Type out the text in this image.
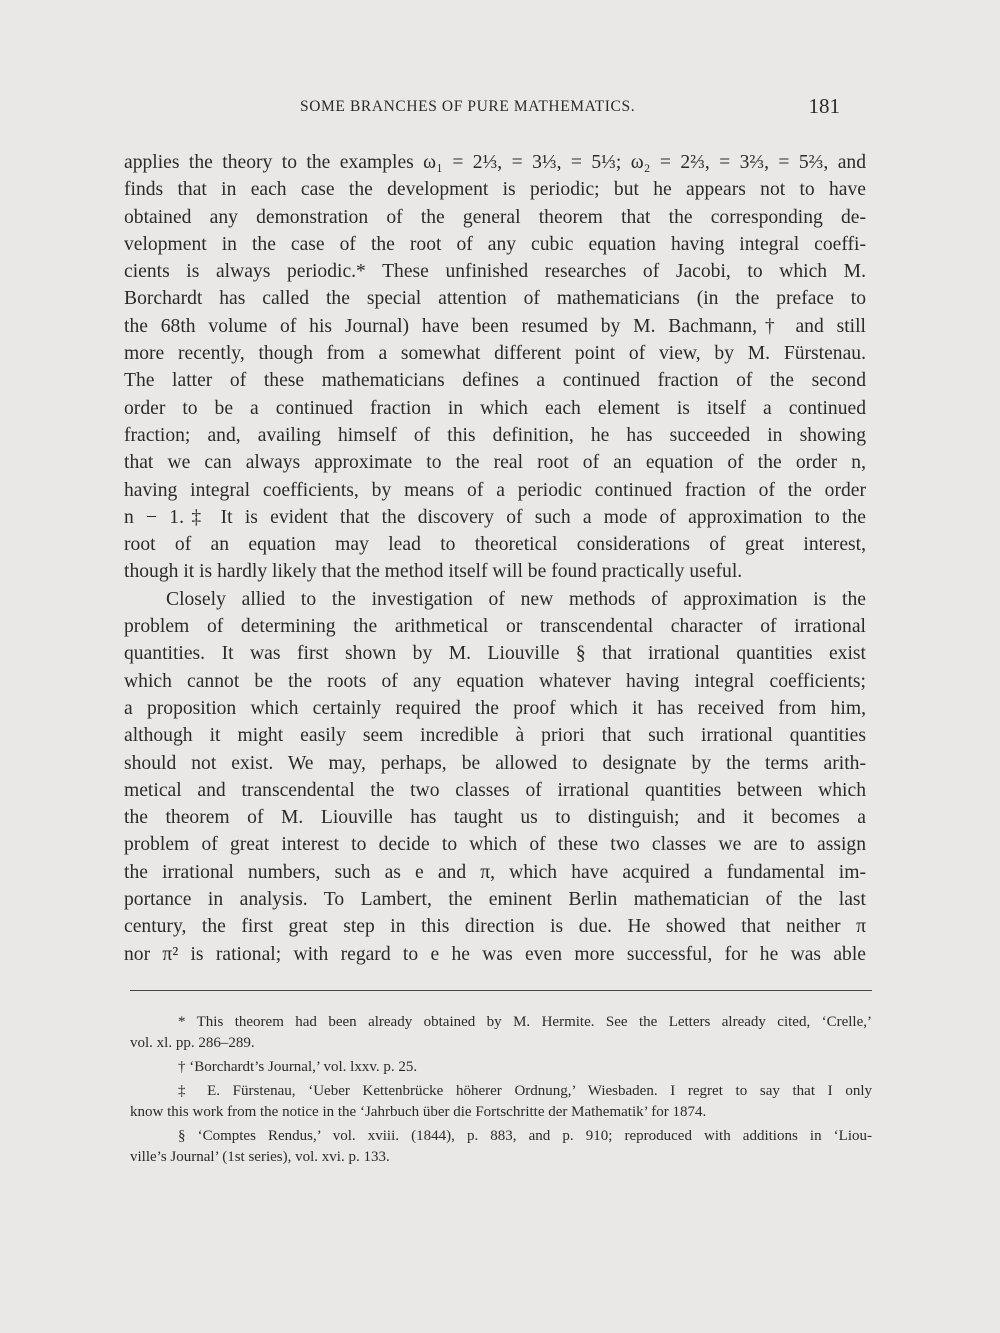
SOME BRANCHES OF PURE MATHEMATICS.	181
applies the theory to the examples ω₁ = 2⅓, = 3⅓, = 5⅓; ω₂ = 2⅔, = 3⅔, = 5⅔, and
finds that in each case the development is periodic; but he appears not to have
obtained any demonstration of the general theorem that the corresponding de-
velopment in the case of the root of any cubic equation having integral coeffi-
cients is always periodic.* These unfinished researches of Jacobi, to which M.
Borchardt has called the special attention of mathematicians (in the preface to
the 68th volume of his Journal) have been resumed by M. Bachmann,† and still
more recently, though from a somewhat different point of view, by M. Fürstenau.
The latter of these mathematicians defines a continued fraction of the second
order to be a continued fraction in which each element is itself a continued
fraction; and, availing himself of this definition, he has succeeded in showing
that we can always approximate to the real root of an equation of the order n,
having integral coefficients, by means of a periodic continued fraction of the order
n − 1.‡ It is evident that the discovery of such a mode of approximation to the
root of an equation may lead to theoretical considerations of great interest,
though it is hardly likely that the method itself will be found practically useful.
Closely allied to the investigation of new methods of approximation is the
problem of determining the arithmetical or transcendental character of irrational
quantities. It was first shown by M. Liouville § that irrational quantities exist
which cannot be the roots of any equation whatever having integral coefficients;
a proposition which certainly required the proof which it has received from him,
although it might easily seem incredible à priori that such irrational quantities
should not exist. We may, perhaps, be allowed to designate by the terms arith-
metical and transcendental the two classes of irrational quantities between which
the theorem of M. Liouville has taught us to distinguish; and it becomes a
problem of great interest to decide to which of these two classes we are to assign
the irrational numbers, such as e and π, which have acquired a fundamental im-
portance in analysis. To Lambert, the eminent Berlin mathematician of the last
century, the first great step in this direction is due. He showed that neither π
nor π² is rational; with regard to e he was even more successful, for he was able
* This theorem had been already obtained by M. Hermite. See the Letters already cited, ‘Crelle,’
vol. xl. pp. 286–289.
† ‘Borchardt’s Journal,’ vol. lxxv. p. 25.
‡ E. Fürstenau, ‘Ueber Kettenbrücke höherer Ordnung,’ Wiesbaden. I regret to say that I only
know this work from the notice in the ‘Jahrbuch über die Fortschritte der Mathematik’ for 1874.
§ ‘Comptes Rendus,’ vol. xviii. (1844), p. 883, and p. 910; reproduced with additions in ‘Liou-
ville’s Journal’ (1st series), vol. xvi. p. 133.
